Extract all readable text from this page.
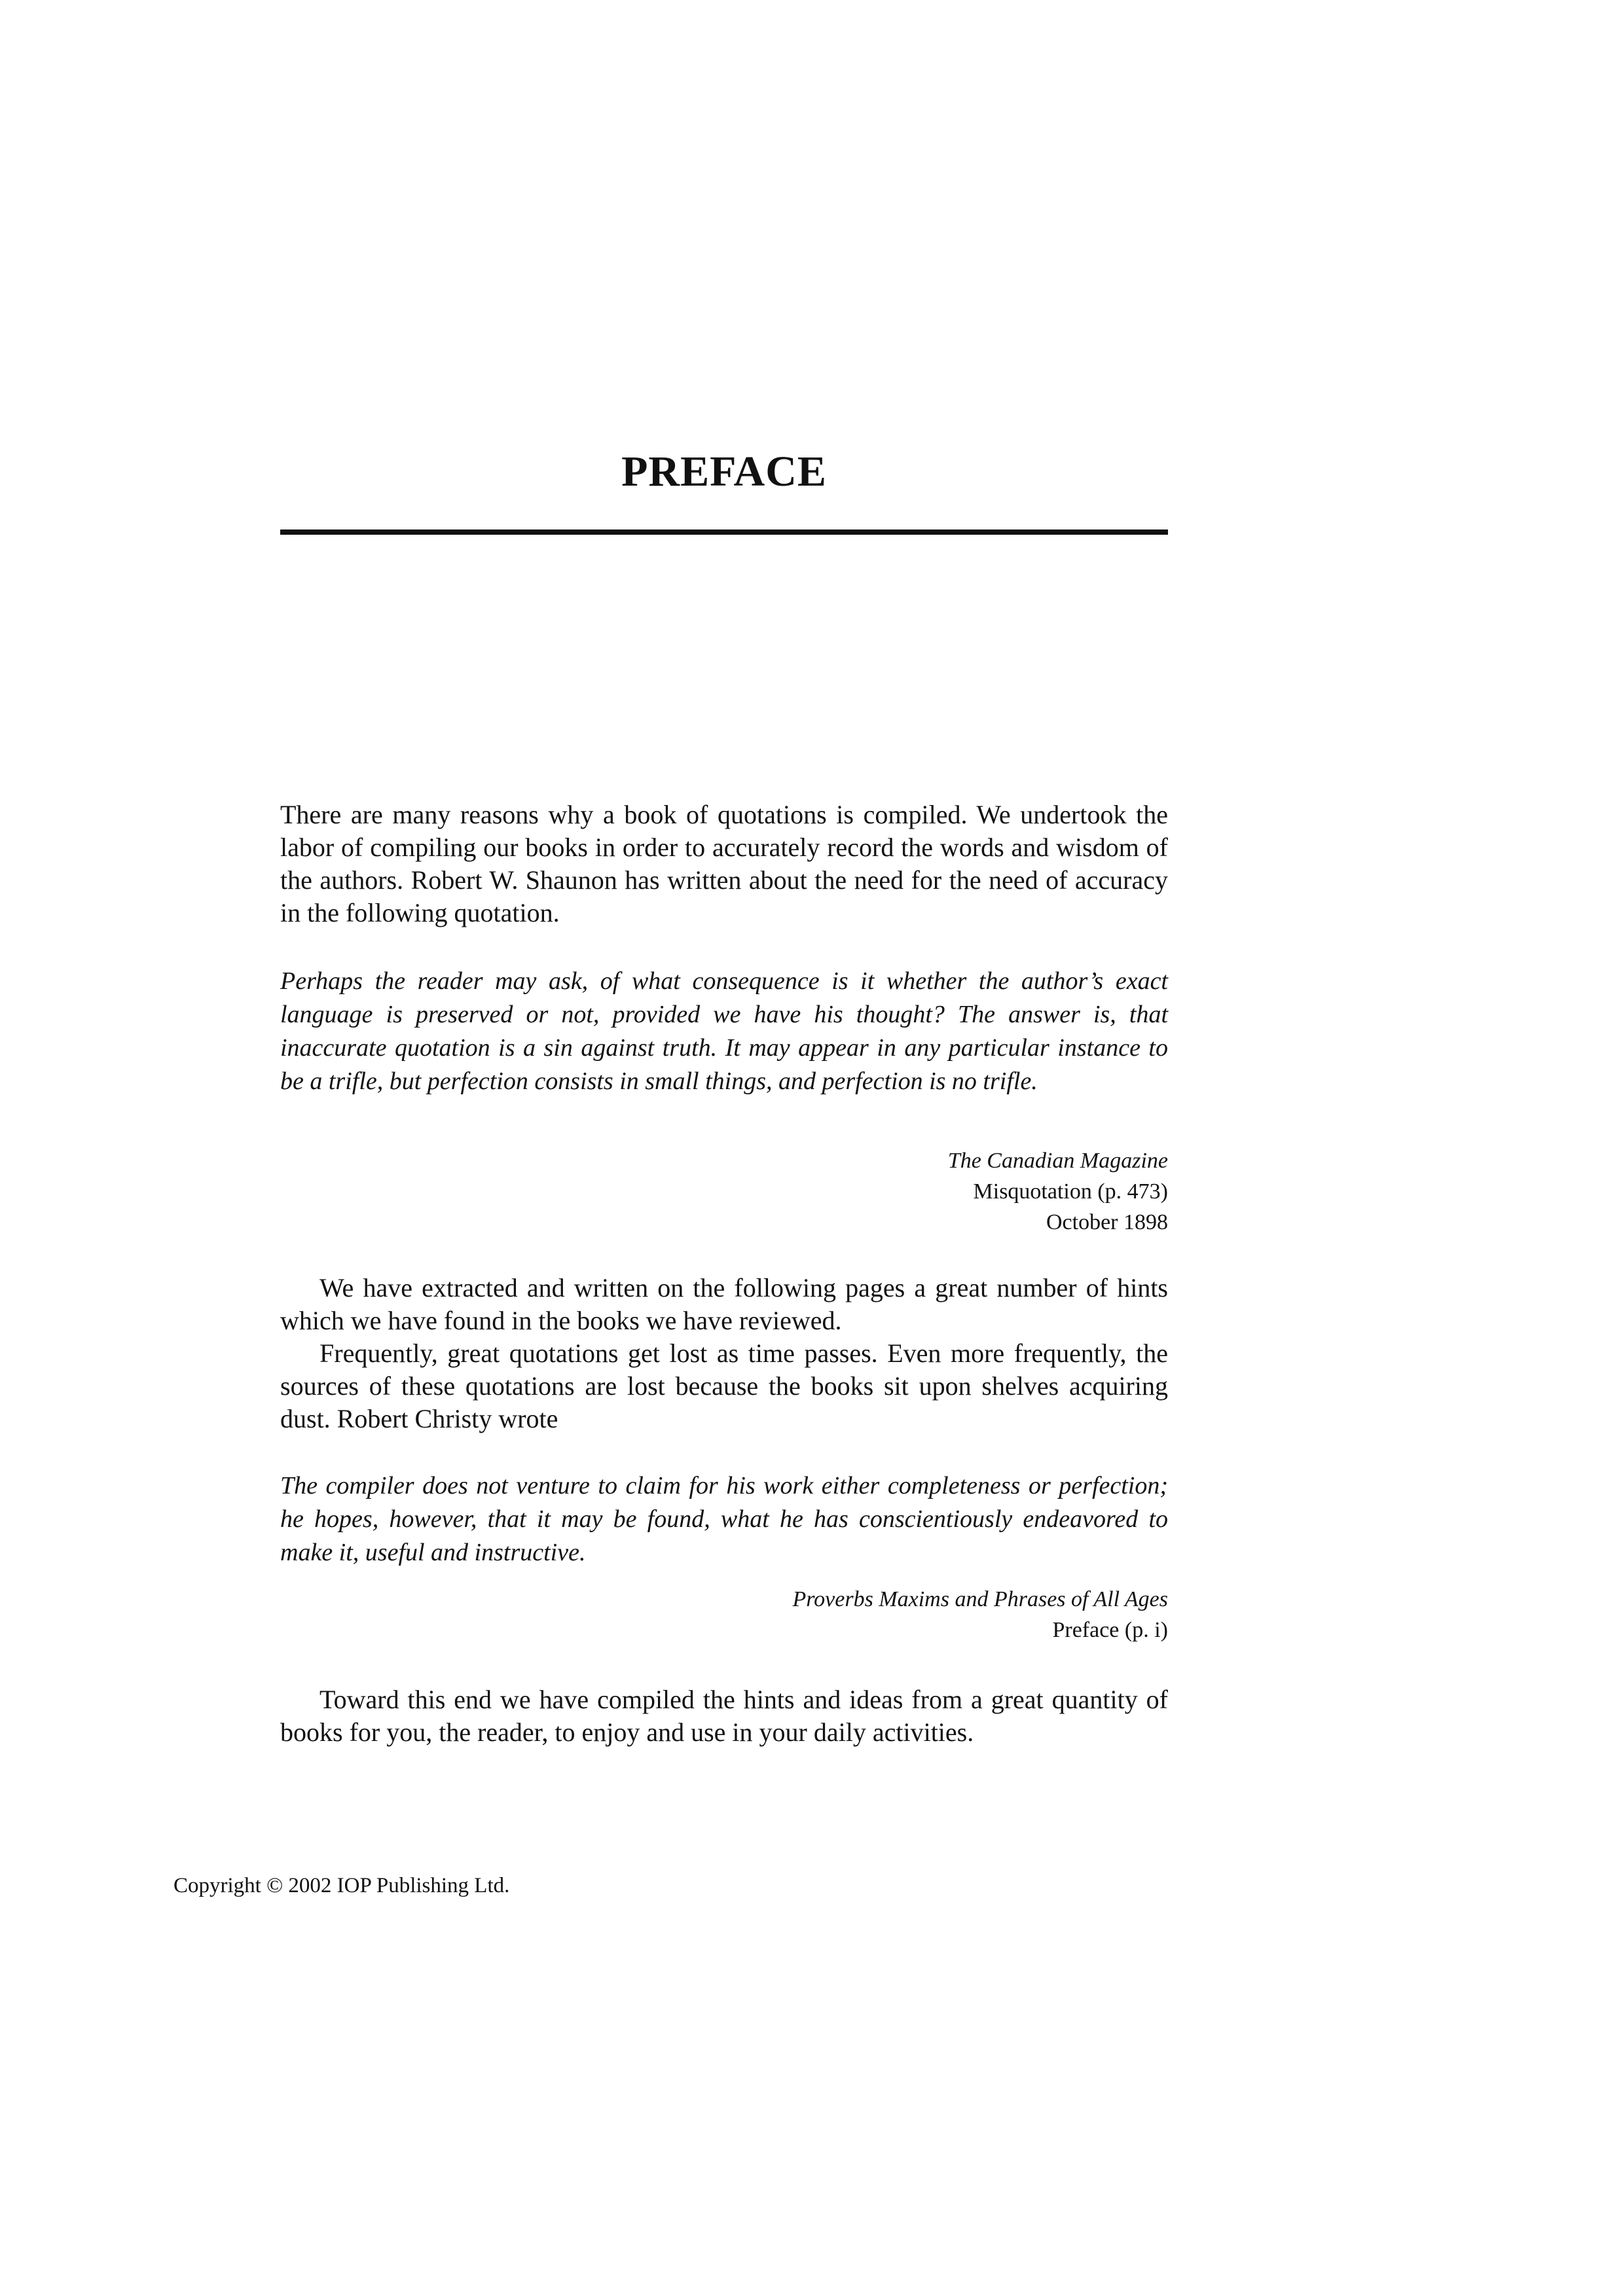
PREFACE

There are many reasons why a book of quotations is compiled. We undertook the labor of compiling our books in order to accurately record the words and wisdom of the authors. Robert W. Shaunon has written about the need for the need of accuracy in the following quotation.

Perhaps the reader may ask, of what consequence is it whether the author’s exact language is preserved or not, provided we have his thought? The answer is, that inaccurate quotation is a sin against truth. It may appear in any particular instance to be a trifle, but perfection consists in small things, and perfection is no trifle.

The Canadian Magazine
Misquotation (p. 473)
October 1898

We have extracted and written on the following pages a great number of hints which we have found in the books we have reviewed.

Frequently, great quotations get lost as time passes. Even more frequently, the sources of these quotations are lost because the books sit upon shelves acquiring dust. Robert Christy wrote

The compiler does not venture to claim for his work either completeness or perfection; he hopes, however, that it may be found, what he has conscientiously endeavored to make it, useful and instructive.

Proverbs Maxims and Phrases of All Ages
Preface (p. i)

Toward this end we have compiled the hints and ideas from a great quantity of books for you, the reader, to enjoy and use in your daily activities.

Copyright © 2002 IOP Publishing Ltd.
